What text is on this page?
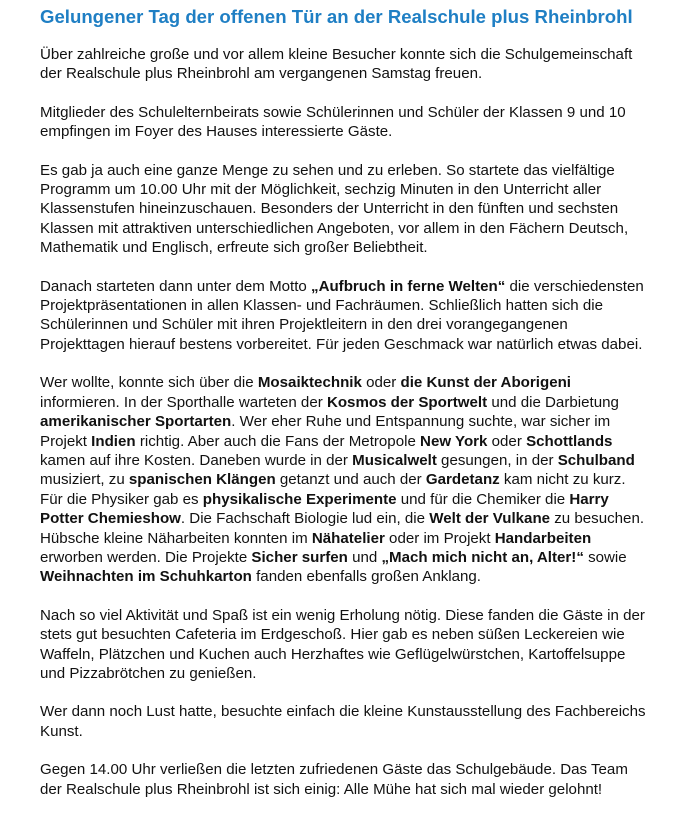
Gelungener Tag der offenen Tür an der Realschule plus Rheinbrohl

Über zahlreiche große und vor allem kleine Besucher konnte sich die Schulgemeinschaft der Realschule plus Rheinbrohl am vergangenen Samstag freuen.

Mitglieder des Schulelternbeirats sowie Schülerinnen und Schüler der Klassen 9 und 10 empfingen im Foyer des Hauses interessierte Gäste.

Es gab ja auch eine ganze Menge zu sehen und zu erleben. So startete das vielfältige Programm um 10.00 Uhr mit der Möglichkeit, sechzig Minuten in den Unterricht aller Klassenstufen hineinzuschauen. Besonders der Unterricht in den fünften und sechsten Klassen mit attraktiven unterschiedlichen Angeboten, vor allem in den Fächern Deutsch, Mathematik und Englisch, erfreute sich großer Beliebtheit.

Danach starteten dann unter dem Motto „Aufbruch in ferne Welten“ die verschiedensten Projektpräsentationen in allen Klassen- und Fachräumen. Schließlich hatten sich die Schülerinnen und Schüler mit ihren Projektleitern in den drei vorangegangenen Projekttagen hierauf bestens vorbereitet. Für jeden Geschmack war natürlich etwas dabei.

Wer wollte, konnte sich über die Mosaiktechnik oder die Kunst der Aborigeni informieren. In der Sporthalle warteten der Kosmos der Sportwelt und die Darbietung amerikanischer Sportarten. Wer eher Ruhe und Entspannung suchte, war sicher im Projekt Indien richtig. Aber auch die Fans der Metropole New York oder Schottlands kamen auf ihre Kosten. Daneben wurde in der Musicalwelt gesungen, in der Schulband musiziert, zu spanischen Klängen getanzt und auch der Gardetanz kam nicht zu kurz. Für die Physiker gab es physikalische Experimente und für die Chemiker die Harry Potter Chemieshow. Die Fachschaft Biologie lud ein, die Welt der Vulkane zu besuchen. Hübsche kleine Näharbeiten konnten im Nähatelier oder im Projekt Handarbeiten erworben werden. Die Projekte Sicher surfen und „Mach mich nicht an, Alter!“ sowie Weihnachten im Schuhkarton fanden ebenfalls großen Anklang.

Nach so viel Aktivität und Spaß ist ein wenig Erholung nötig. Diese fanden die Gäste in der stets gut besuchten Cafeteria im Erdgeschoß. Hier gab es neben süßen Leckereien wie Waffeln, Plätzchen und Kuchen auch Herzhaftes wie Geflügelwürstchen, Kartoffelsuppe und Pizzabrötchen zu genießen.

Wer dann noch Lust hatte, besuchte einfach die kleine Kunstausstellung des Fachbereichs Kunst.

Gegen 14.00 Uhr verließen die letzten zufriedenen Gäste das Schulgebäude. Das Team der Realschule plus Rheinbrohl ist sich einig: Alle Mühe hat sich mal wieder gelohnt!
